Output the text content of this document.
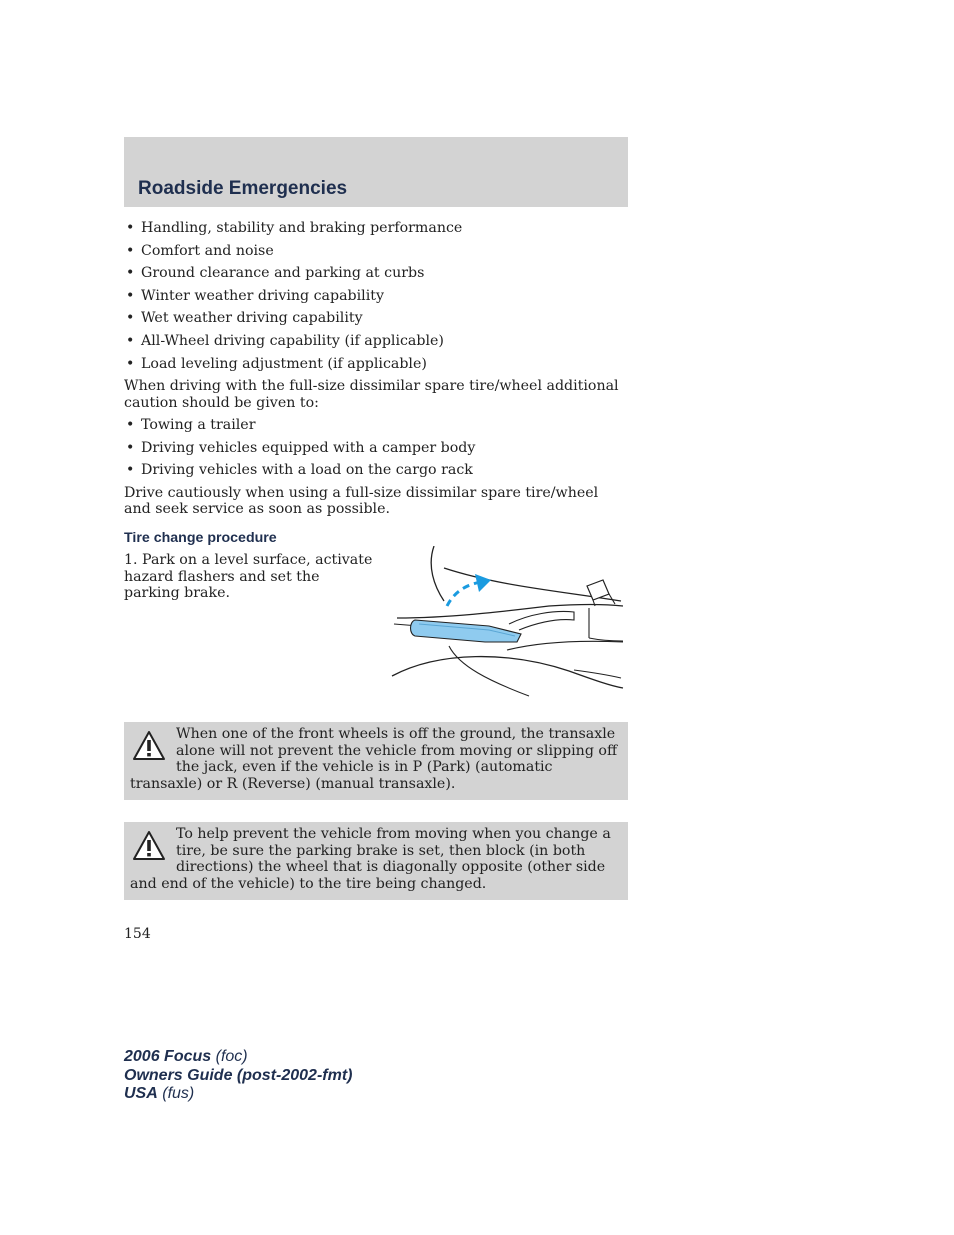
Roadside Emergencies
• Handling, stability and braking performance
• Comfort and noise
• Ground clearance and parking at curbs
• Winter weather driving capability
• Wet weather driving capability
• All-Wheel driving capability (if applicable)
• Load leveling adjustment (if applicable)

When driving with the full-size dissimilar spare tire/wheel additional caution should be given to:

• Towing a trailer
• Driving vehicles equipped with a camper body
• Driving vehicles with a load on the cargo rack

Drive cautiously when using a full-size dissimilar spare tire/wheel and seek service as soon as possible.

Tire change procedure

1. Park on a level surface, activate hazard flashers and set the parking brake.

When one of the front wheels is off the ground, the transaxle alone will not prevent the vehicle from moving or slipping off the jack, even if the vehicle is in P (Park) (automatic transaxle) or R (Reverse) (manual transaxle).
To help prevent the vehicle from moving when you change a tire, be sure the parking brake is set, then block (in both directions) the wheel that is diagonally opposite (other side and end of the vehicle) to the tire being changed.
154
2006 Focus (foc)
Owners Guide (post-2002-fmt)
USA (fus)
